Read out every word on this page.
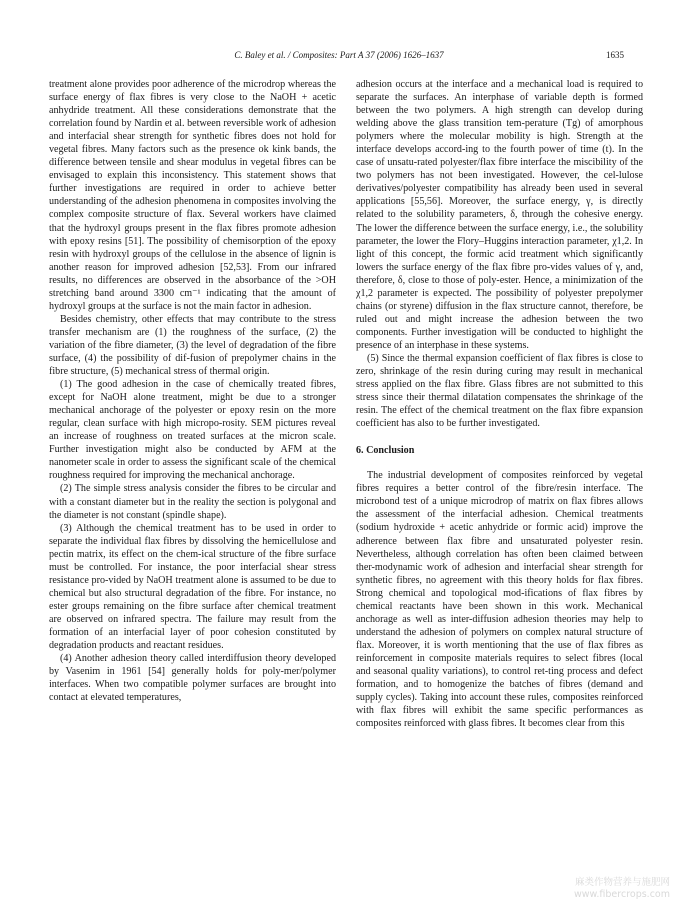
C. Baley et al. / Composites: Part A 37 (2006) 1626–1637	1635

treatment alone provides poor adherence of the microdrop whereas the surface energy of flax fibres is very close to the NaOH + acetic anhydride treatment. All these considerations demonstrate that the correlation found by Nardin et al. between reversible work of adhesion and interfacial shear strength for synthetic fibres does not hold for vegetal fibres. Many factors such as the presence ok kink bands, the difference between tensile and shear modulus in vegetal fibres can be envisaged to explain this inconsistency. This statement shows that further investigations are required in order to achieve better understanding of the adhesion phenomena in composites involving the complex composite structure of flax. Several workers have claimed that the hydroxyl groups present in the flax fibres promote adhesion with epoxy resins [51]. The possibility of chemisorption of the epoxy resin with hydroxyl groups of the cellulose in the absence of lignin is another reason for improved adhesion [52,53]. From our infrared results, no differences are observed in the absorbance of the >OH stretching band around 3300 cm⁻¹ indicating that the amount of hydroxyl groups at the surface is not the main factor in adhesion.

Besides chemistry, other effects that may contribute to the stress transfer mechanism are (1) the roughness of the surface, (2) the variation of the fibre diameter, (3) the level of degradation of the fibre surface, (4) the possibility of dif-fusion of prepolymer chains in the fibre structure, (5) mechanical stress of thermal origin.

(1) The good adhesion in the case of chemically treated fibres, except for NaOH alone treatment, might be due to a stronger mechanical anchorage of the polyester or epoxy resin on the more regular, clean surface with high micropo-rosity. SEM pictures reveal an increase of roughness on treated surfaces at the micron scale. Further investigation might also be conducted by AFM at the nanometer scale in order to assess the significant scale of the chemical roughness required for improving the mechanical anchorage.

(2) The simple stress analysis consider the fibres to be circular and with a constant diameter but in the reality the section is polygonal and the diameter is not constant (spindle shape).

(3) Although the chemical treatment has to be used in order to separate the individual flax fibres by dissolving the hemicellulose and pectin matrix, its effect on the chem-ical structure of the fibre surface must be controlled. For instance, the poor interfacial shear stress resistance pro-vided by NaOH treatment alone is assumed to be due to chemical but also structural degradation of the fibre. For instance, no ester groups remaining on the fibre surface after chemical treatment are observed on infrared spectra. The failure may result from the formation of an interfacial layer of poor cohesion constituted by degradation products and reactant residues.

(4) Another adhesion theory called interdiffusion theory developed by Vasenim in 1961 [54] generally holds for poly-mer/polymer interfaces. When two compatible polymer surfaces are brought into contact at elevated temperatures,

adhesion occurs at the interface and a mechanical load is required to separate the surfaces. An interphase of variable depth is formed between the two polymers. A high strength can develop during welding above the glass transition tem-perature (Tg) of amorphous polymers where the molecular mobility is high. Strength at the interface develops accord-ing to the fourth power of time (t). In the case of unsatu-rated polyester/flax fibre interface the miscibility of the two polymers has not been investigated. However, the cel-lulose derivatives/polyester compatibility has already been used in several applications [55,56]. Moreover, the surface energy, γ, is directly related to the solubility parameters, δ, through the cohesive energy. The lower the difference between the surface energy, i.e., the solubility parameter, the lower the Flory–Huggins interaction parameter, χ1,2. In light of this concept, the formic acid treatment which significantly lowers the surface energy of the flax fibre pro-vides values of γ, and, therefore, δ, close to those of poly-ester. Hence, a minimization of the χ1,2 parameter is expected. The possibility of polyester prepolymer chains (or styrene) diffusion in the flax structure cannot, therefore, be ruled out and might increase the adhesion between the two components. Further investigation will be conducted to highlight the presence of an interphase in these systems.

(5) Since the thermal expansion coefficient of flax fibres is close to zero, shrinkage of the resin during curing may result in mechanical stress applied on the flax fibre. Glass fibres are not submitted to this stress since their thermal dilatation compensates the shrinkage of the resin. The effect of the chemical treatment on the flax fibre expansion coefficient has also to be further investigated.

6. Conclusion

The industrial development of composites reinforced by vegetal fibres requires a better control of the fibre/resin interface. The microbond test of a unique microdrop of matrix on flax fibres allows the assessment of the interfacial adhesion. Chemical treatments (sodium hydroxide + acetic anhydride or formic acid) improve the adherence between flax fibre and unsaturated polyester resin. Nevertheless, although correlation has often been claimed between ther-modynamic work of adhesion and interfacial shear strength for synthetic fibres, no agreement with this theory holds for flax fibres. Strong chemical and topological mod-ifications of flax fibres by chemical reactants have been shown in this work. Mechanical anchorage as well as inter-diffusion adhesion theories may help to understand the adhesion of polymers on complex natural structure of flax. Moreover, it is worth mentioning that the use of flax fibres as reinforcement in composite materials requires to select fibres (local and seasonal quality variations), to control ret-ting process and defect formation, and to homogenize the batches of fibres (demand and supply cycles). Taking into account these rules, composites reinforced with flax fibres will exhibit the same specific performances as composites reinforced with glass fibres. It becomes clear from this

麻类作物营养与施肥网
www.fibercrops.com
